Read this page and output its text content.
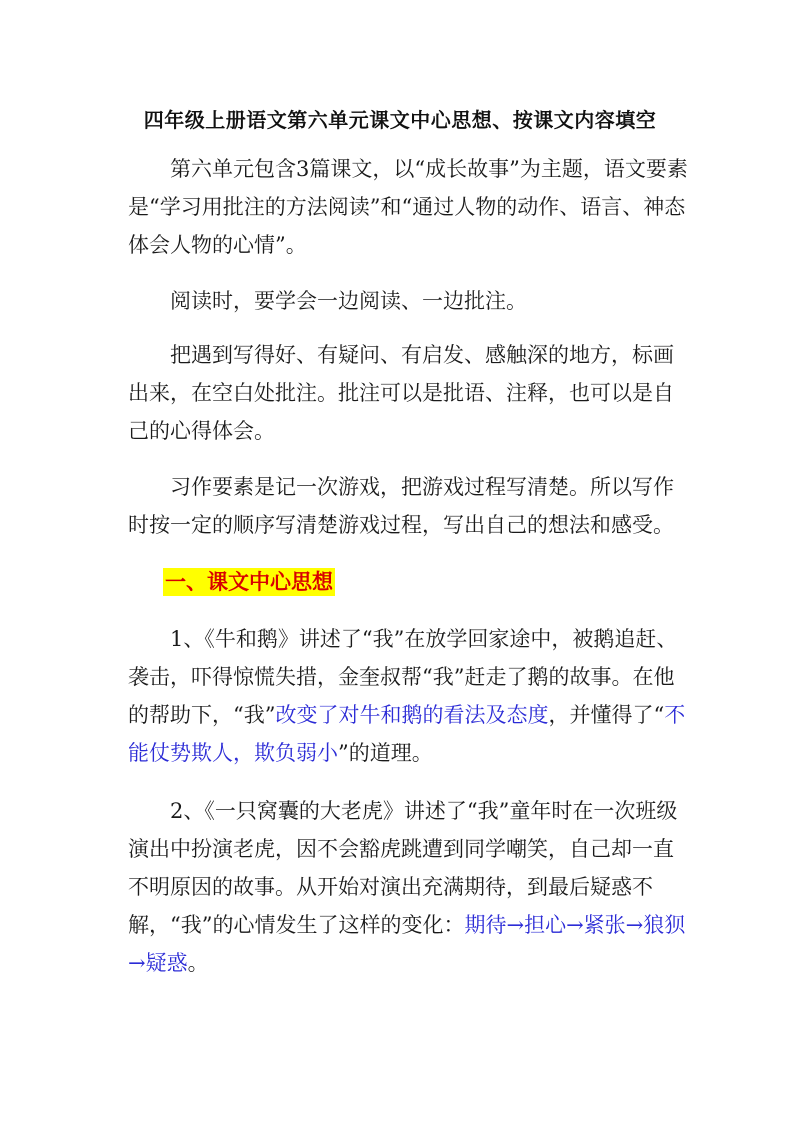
四年级上册语文第六单元课文中心思想、按课文内容填空

第六单元包含3篇课文，以“成长故事”为主题，语文要素是“学习用批注的方法阅读”和“通过人物的动作、语言、神态体会人物的心情”。

阅读时，要学会一边阅读、一边批注。

把遇到写得好、有疑问、有启发、感触深的地方，标画出来，在空白处批注。批注可以是批语、注释，也可以是自己的心得体会。

习作要素是记一次游戏，把游戏过程写清楚。所以写作时按一定的顺序写清楚游戏过程，写出自己的想法和感受。

一、课文中心思想

1、《牛和鹅》讲述了“我”在放学回家途中，被鹅追赶、袭击，吓得惊慌失措，金奎叔帮“我”赶走了鹅的故事。在他的帮助下，“我”改变了对牛和鹅的看法及态度，并懂得了“不能仗势欺人，欺负弱小”的道理。

2、《一只窝囊的大老虎》讲述了“我”童年时在一次班级演出中扮演老虎，因不会豁虎跳遭到同学嘲笑，自己却一直不明原因的故事。从开始对演出充满期待，到最后疑惑不解，“我”的心情发生了这样的变化：期待→担心→紧张→狼狈→疑惑。
